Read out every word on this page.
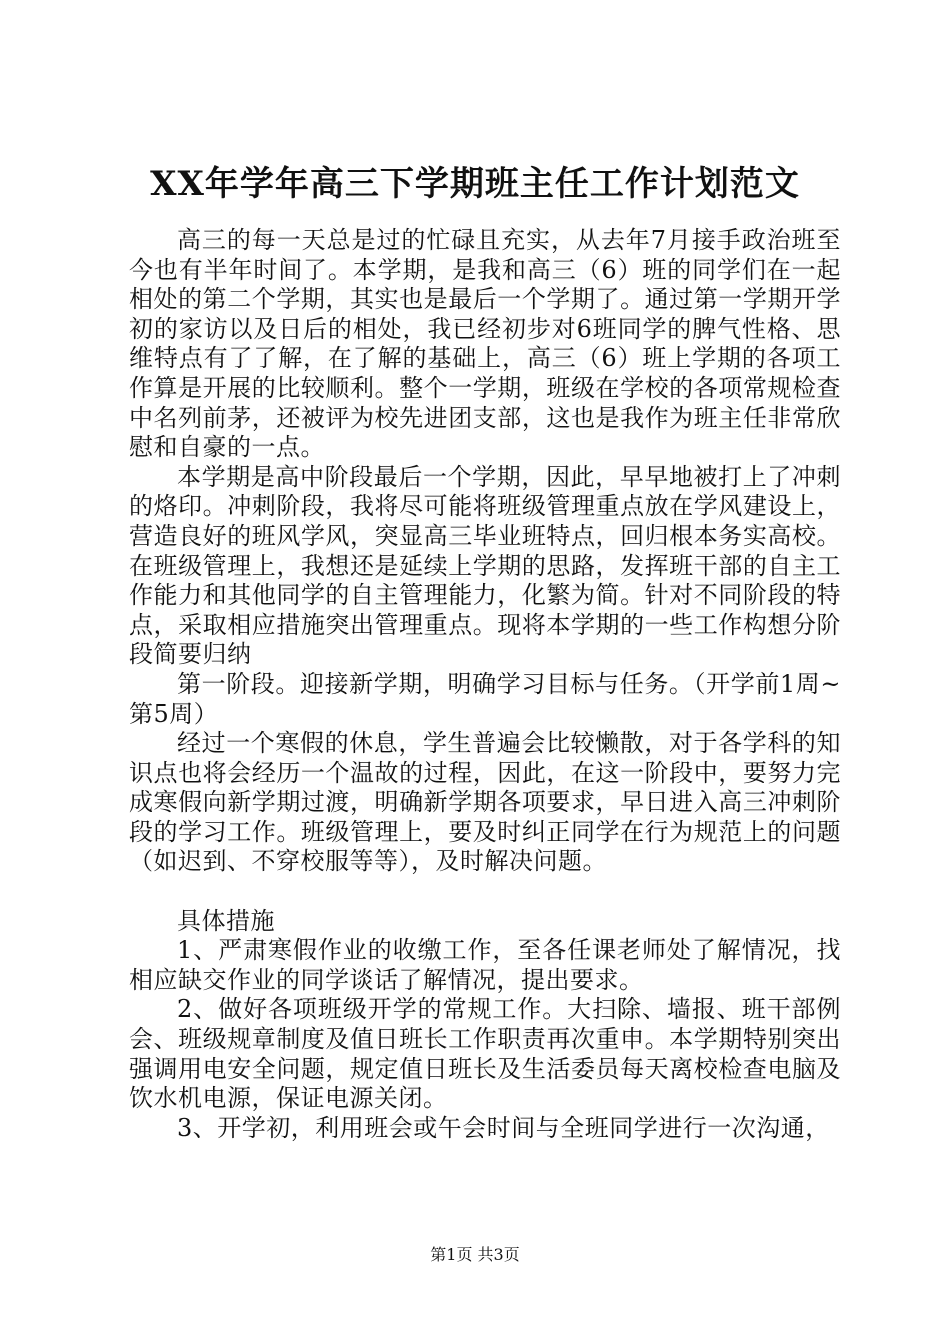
XX年学年高三下学期班主任工作计划范文

高三的每一天总是过的忙碌且充实，从去年7月接手政治班至今也有半年时间了。本学期，是我和高三（6）班的同学们在一起相处的第二个学期，其实也是最后一个学期了。通过第一学期开学初的家访以及日后的相处，我已经初步对6班同学的脾气性格、思维特点有了了解，在了解的基础上，高三（6）班上学期的各项工作算是开展的比较顺利。整个一学期，班级在学校的各项常规检查中名列前茅，还被评为校先进团支部，这也是我作为班主任非常欣慰和自豪的一点。

本学期是高中阶段最后一个学期，因此，早早地被打上了冲刺的烙印。冲刺阶段，我将尽可能将班级管理重点放在学风建设上，营造良好的班风学风，突显高三毕业班特点，回归根本务实高校。在班级管理上，我想还是延续上学期的思路，发挥班干部的自主工作能力和其他同学的自主管理能力，化繁为简。针对不同阶段的特点，采取相应措施突出管理重点。现将本学期的一些工作构想分阶段简要归纳

第一阶段。迎接新学期，明确学习目标与任务。（开学前1周~第5周）

经过一个寒假的休息，学生普遍会比较懒散，对于各学科的知识点也将会经历一个温故的过程，因此，在这一阶段中，要努力完成寒假向新学期过渡，明确新学期各项要求，早日进入高三冲刺阶段的学习工作。班级管理上，要及时纠正同学在行为规范上的问题（如迟到、不穿校服等等），及时解决问题。

具体措施

1、严肃寒假作业的收缴工作，至各任课老师处了解情况，找相应缺交作业的同学谈话了解情况，提出要求。

2、做好各项班级开学的常规工作。大扫除、墙报、班干部例会、班级规章制度及值日班长工作职责再次重申。本学期特别突出强调用电安全问题，规定值日班长及生活委员每天离校检查电脑及饮水机电源，保证电源关闭。

3、开学初，利用班会或午会时间与全班同学进行一次沟通，

第1页 共3页
